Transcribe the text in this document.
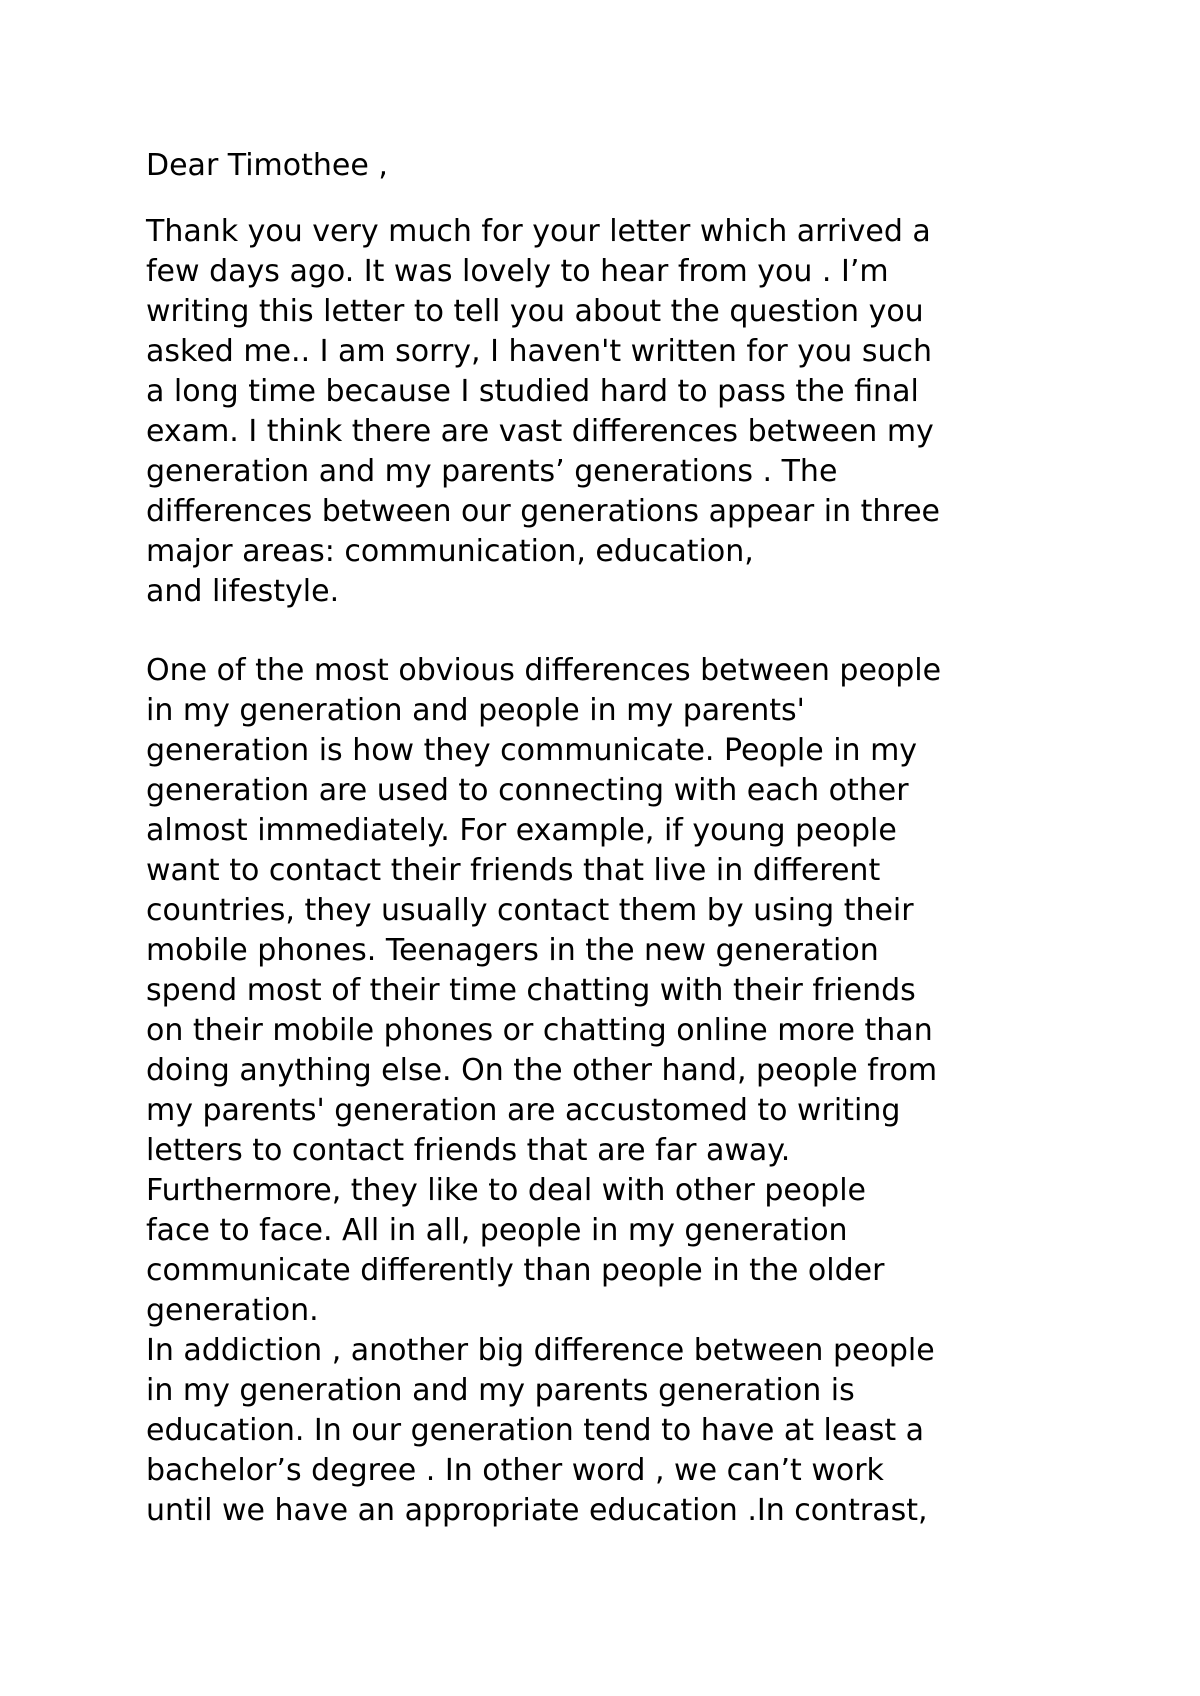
Dear Timothee ,
Thank you very much for your letter which arrived a
few days ago. It was lovely to hear from you . I’m
writing this letter to tell you about the question you
asked me.. I am sorry, I haven't written for you such
a long time because I studied hard to pass the final
exam. I think there are vast differences between my
generation and my parents’ generations . The
differences between our generations appear in three
major areas: communication, education,
and lifestyle.
One of the most obvious differences between people
in my generation and people in my parents'
generation is how they communicate. People in my
generation are used to connecting with each other
almost immediately. For example, if young people
want to contact their friends that live in different
countries, they usually contact them by using their
mobile phones. Teenagers in the new generation
spend most of their time chatting with their friends
on their mobile phones or chatting online more than
doing anything else. On the other hand, people from
my parents' generation are accustomed to writing
letters to contact friends that are far away.
Furthermore, they like to deal with other people
face to face. All in all, people in my generation
communicate differently than people in the older
generation.
In addiction , another big difference between people
in my generation and my parents generation is
education. In our generation tend to have at least a
bachelor’s degree . In other word , we can’t work
until we have an appropriate education .In contrast,
